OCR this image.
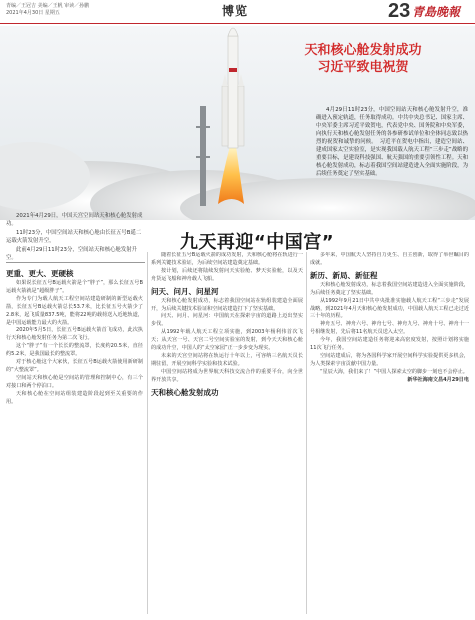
青编／王冠吉 美编／王帆 审读／孙鹏
2021年4月30日 星期五	博览	23 青島晚報
天和核心舱发射成功
习近平致电祝贺
4月29日11时23分，中国空间站天和核心舱发射升空，准确进入预定轨道，任务取得成功。中共中央总书记、国家主席、中央军委主席习近平致贺电，代表党中央、国务院和中央军委，向执行天和核心舱发射任务的各参研参试单位和全体同志致以热烈的祝贺和诚挚的问候。　习近平在贺电中指出，建造空间站、建成国家太空实验室，是实现我国载人航天工程“三步走”战略的重要目标，是建设科技强国、航天强国的重要引领性工程。天和核心舱发射成功，标志着我国空间站建造进入全面实施阶段，为后续任务奠定了坚实基础。

2021年4月29日，中国天宫空间站天和核心舱发射成功。

11时23分，中国空间站天和核心舱由长征五号B遥二运载火箭发射升空，

此前4月29日11时23分，空间站天和核心舱发射升空。

九天再迎“中国宫”
更重、更大、更硬核

如果说长征五号B运载火箭是个“胖子”，那么长征五号B运载火箭就是“超级胖子”。

作为专门为载人航天工程空间站建造研制的新型运载火箭，长征五号B运载火箭总长53.7米，比长征五号火箭少了2.8米，起飞质量837.5吨，能将22吨的载荷送入近地轨道，是中国运载能力最大的火箭。

2020年5月5日，长征五号B运载火箭首飞成功，此次执行天和核心舱发射任务为第二次飞行。

这个“胖子”有一个长长的整流罩，长度约20.5米，直径约5.2米，是我国最长的整流罩。

对于核心舱这个大家伙，长征五号B运载火箭使用新研制的“大整流罩”。

空间站天和核心舱是空间站的管理和控制中心，有三个对接口和两个停泊口。

天和核心舱在空间站组装建造阶段起到至关重要的作用。

随着长征五号B运载火箭的成功发射，天和核心舱将在轨进行一系列关键技术验证，为后续空间站建造奠定基础。

按计划，后续还将陆续发射问天实验舱、梦天实验舱，以及天舟货运飞船和神舟载人飞船。

问天、问月、问星河

天和核心舱发射成功，标志着我国空间站在轨组装建造全面展开，为后续关键技术验证和空间站建造打下了坚实基础。

问天、问月、问星河：中国航天在探索宇宙的道路上迈出坚实步伐。

从1992年载人航天工程立项实施，到2003年杨利伟首次飞天；从天宫一号、天宫二号空间实验室的发射，到今天天和核心舱的成功升空，中国人的“太空家园”正一步步变为现实。

未来的天宫空间站将在轨运行十年以上，可容纳三名航天员长期驻留，开展空间科学实验和技术试验。

中国空间站将成为世界航天科技交流合作的重要平台，向全世界开放共享。

天和核心舱发射成功

多年来，中国航天人坚持自力更生、自主创新，取得了举世瞩目的成就。

新历、新局、新征程

天和核心舱发射成功，标志着我国空间站建造进入全面实施阶段，为后续任务奠定了坚实基础。

从1992年9月21日中共中央批准实施载人航天工程“三步走”发展战略，到2021年4月天和核心舱发射成功，中国载人航天工程已走过近三十年的历程。

神舟五号、神舟六号、神舟七号、神舟九号、神舟十号、神舟十一号相继发射，先后将11名航天员送入太空。

今年，我国空间站建造任务将迎来高密度发射，按照计划将实施11次飞行任务。

空间站建成后，将为各国科学家开展空间科学实验提供更多机会，为人类探索宇宙贡献中国力量。

“星辰大海，我们来了！”中国人探索太空的脚步一刻也不会停止。

新华社海南文昌4月29日电
